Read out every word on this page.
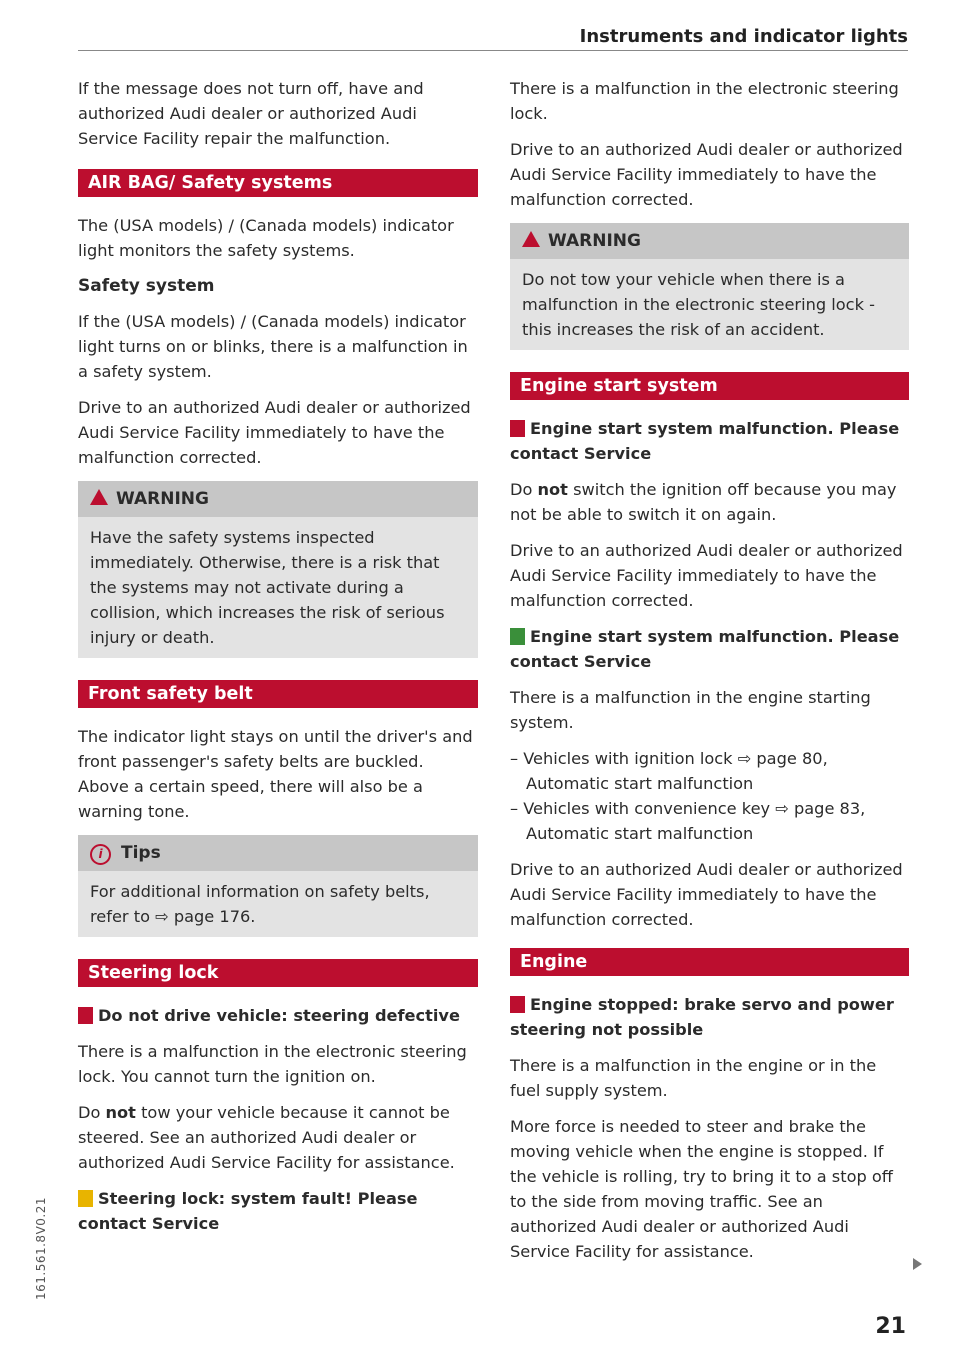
Instruments and indicator lights

If the message does not turn off, have and authorized Audi dealer or authorized Audi Service Facility repair the malfunction.

AIR BAG/ Safety systems

The (USA models) / (Canada models) indicator light monitors the safety systems.

Safety system

If the (USA models) / (Canada models) indicator light turns on or blinks, there is a malfunction in a safety system.

Drive to an authorized Audi dealer or authorized Audi Service Facility immediately to have the malfunction corrected.

WARNING
Have the safety systems inspected immediately. Otherwise, there is a risk that the systems may not activate during a collision, which increases the risk of serious injury or death.
Front safety belt

The indicator light stays on until the driver's and front passenger's safety belts are buckled. Above a certain speed, there will also be a warning tone.

i Tips
For additional information on safety belts, refer to ⇨ page 176.
Steering lock
Do not drive vehicle: steering defective

There is a malfunction in the electronic steering lock. You cannot turn the ignition on.

Do not tow your vehicle because it cannot be steered. See an authorized Audi dealer or authorized Audi Service Facility for assistance.

Steering lock: system fault! Please contact Service

There is a malfunction in the electronic steering lock.

Drive to an authorized Audi dealer or authorized Audi Service Facility immediately to have the malfunction corrected.

WARNING
Do not tow your vehicle when there is a malfunction in the electronic steering lock - this increases the risk of an accident.
Engine start system
Engine start system malfunction. Please contact Service

Do not switch the ignition off because you may not be able to switch it on again.

Drive to an authorized Audi dealer or authorized Audi Service Facility immediately to have the malfunction corrected.

Engine start system malfunction. Please contact Service

There is a malfunction in the engine starting system.

– Vehicles with ignition lock ⇨ page 80, Automatic start malfunction
– Vehicles with convenience key ⇨ page 83, Automatic start malfunction

Drive to an authorized Audi dealer or authorized Audi Service Facility immediately to have the malfunction corrected.

Engine
Engine stopped: brake servo and power steering not possible

There is a malfunction in the engine or in the fuel supply system.

More force is needed to steer and brake the moving vehicle when the engine is stopped. If the vehicle is rolling, try to bring it to a stop off to the side from moving traffic. See an authorized Audi dealer or authorized Audi Service Facility for assistance.

21
161.561.8V0.21
